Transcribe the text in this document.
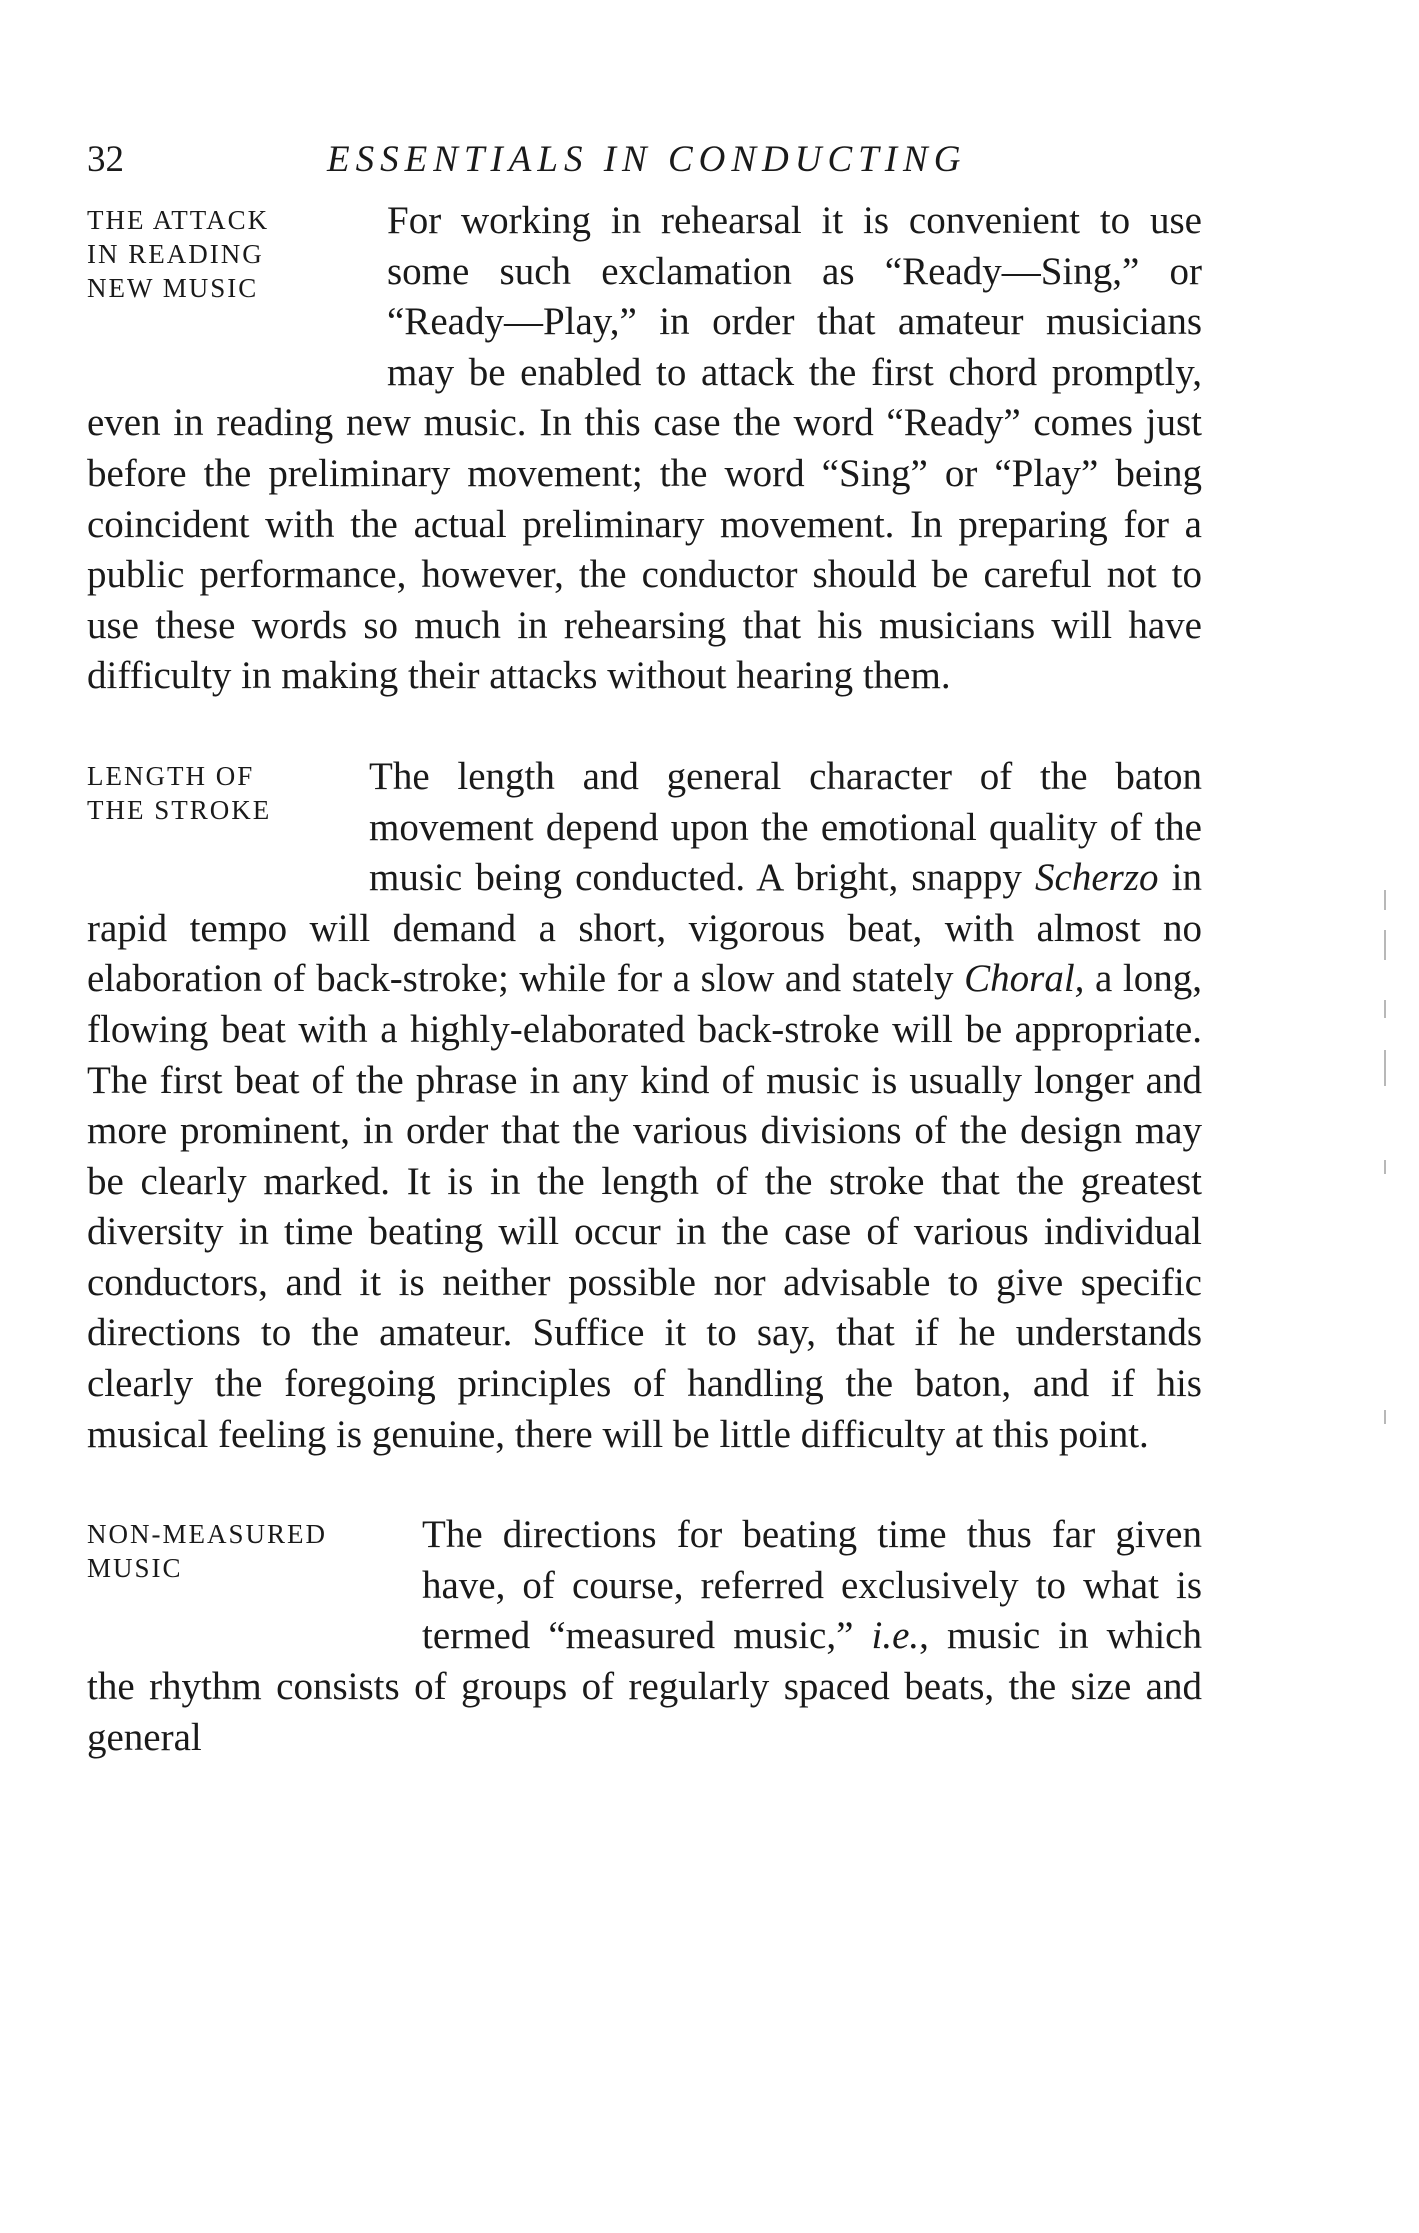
32	ESSENTIALS IN CONDUCTING
THE ATTACK
IN READING
NEW MUSIC

For working in rehearsal it is convenient to use some such exclamation as “Ready—Sing,” or “Ready—Play,” in order that amateur musicians may be enabled to attack the first chord promptly, even in reading new music. In this case the word “Ready” comes just before the preliminary movement; the word “Sing” or “Play” being coincident with the actual preliminary movement. In preparing for a public performance, however, the conductor should be careful not to use these words so much in rehearsing that his musicians will have difficulty in making their attacks without hearing them.

LENGTH OF
THE STROKE

The length and general character of the baton movement depend upon the emotional quality of the music being conducted. A bright, snappy Scherzo in rapid tempo will demand a short, vigorous beat, with almost no elaboration of back-stroke; while for a slow and stately Choral, a long, flowing beat with a highly-elaborated back-stroke will be appropriate. The first beat of the phrase in any kind of music is usually longer and more prominent, in order that the various divisions of the design may be clearly marked. It is in the length of the stroke that the greatest diversity in time beating will occur in the case of various individual conductors, and it is neither possible nor advisable to give specific directions to the amateur. Suffice it to say, that if he understands clearly the foregoing principles of handling the baton, and if his musical feeling is genuine, there will be little difficulty at this point.

NON-MEASURED
MUSIC

The directions for beating time thus far given have, of course, referred exclusively to what is termed “measured music,” i.e., music in which the rhythm consists of groups of regularly spaced beats, the size and general
